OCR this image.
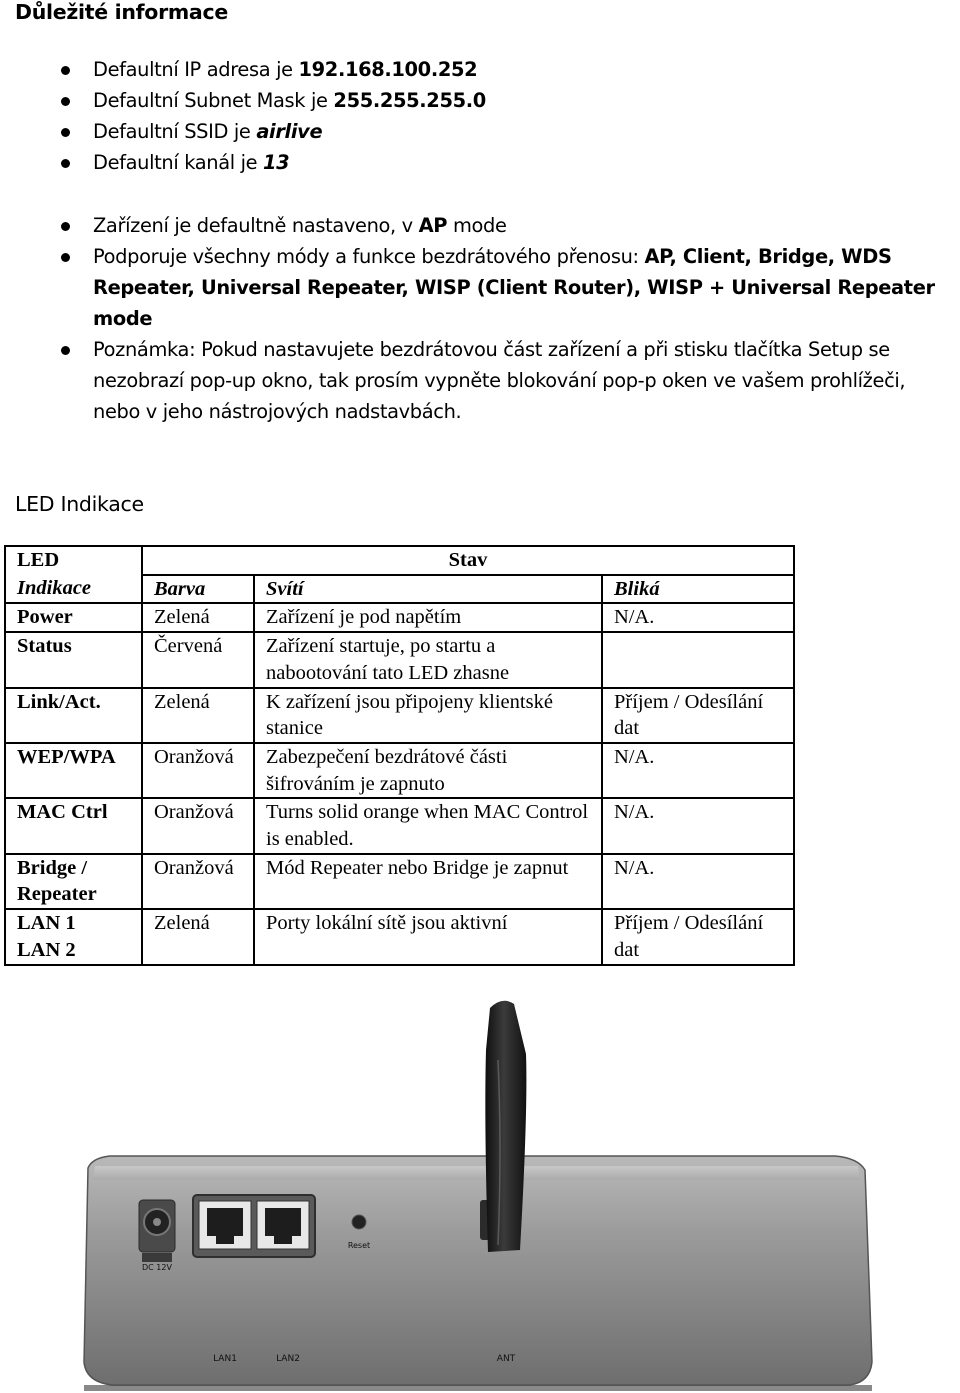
Důležité informace
Defaultní IP adresa je 192.168.100.252
Defaultní Subnet Mask je 255.255.255.0
Defaultní SSID je airlive
Defaultní kanál je 13
Zařízení je defaultně nastaveno, v AP mode
Podporuje všechny módy a funkce bezdrátového přenosu: AP, Client, Bridge, WDS Repeater, Universal Repeater, WISP (Client Router), WISP + Universal Repeater mode
Poznámka: Pokud nastavujete bezdrátovou část zařízení a při stisku tlačítka Setup se nezobrazí pop-up okno, tak prosím vypněte blokování pop-p oken ve vašem prohlížeči, nebo v jeho nástrojových nadstavbách.
LED Indikace
LED	Stav		
Indikace	Barva	Svítí	Bliká
Power	Zelená	Zařízení je pod napětím	N/A.
Status	Červená	Zařízení startuje, po startu a nabootování tato LED zhasne	
Link/Act.	Zelená	K zařízení jsou připojeny klientské stanice	Příjem / Odesílání dat
WEP/WPA	Oranžová	Zabezpečení bezdrátové části šifrováním je zapnuto	N/A.
MAC Ctrl	Oranžová	Turns solid orange when MAC Control is enabled.	N/A.
Bridge / Repeater	Oranžová	Mód Repeater nebo Bridge je zapnut	N/A.
LAN 1
LAN 2	Zelená	Porty lokální sítě jsou aktivní	Příjem / Odesílání dat
DC 12V
LAN1	LAN2
Reset
ANT
